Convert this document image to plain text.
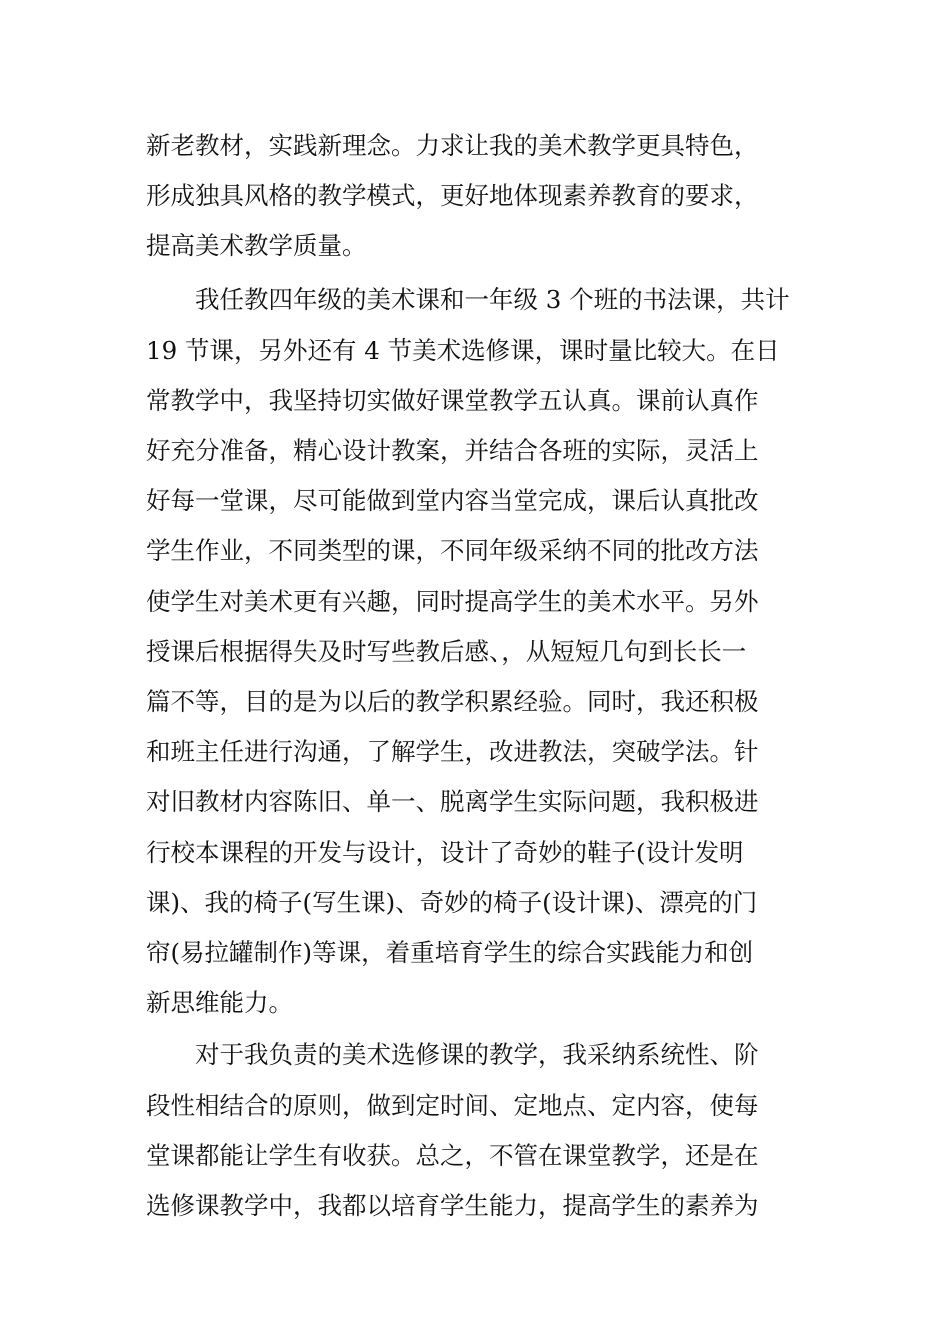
新老教材，实践新理念。力求让我的美术教学更具特色，
形成独具风格的教学模式，更好地体现素养教育的要求，
提高美术教学质量。
我任教四年级的美术课和一年级 3 个班的书法课，共计
19 节课，另外还有 4 节美术选修课，课时量比较大。在日
常教学中，我坚持切实做好课堂教学五认真。课前认真作
好充分准备，精心设计教案，并结合各班的实际，灵活上
好每一堂课，尽可能做到堂内容当堂完成，课后认真批改
学生作业，不同类型的课，不同年级采纳不同的批改方法
使学生对美术更有兴趣，同时提高学生的美术水平。另外
授课后根据得失及时写些教后感、，从短短几句到长长一
篇不等，目的是为以后的教学积累经验。同时，我还积极
和班主任进行沟通，了解学生，改进教法，突破学法。针
对旧教材内容陈旧、单一、脱离学生实际问题，我积极进
行校本课程的开发与设计，设计了奇妙的鞋子(设计发明
课)、我的椅子(写生课)、奇妙的椅子(设计课)、漂亮的门
帘(易拉罐制作)等课，着重培育学生的综合实践能力和创
新思维能力。
对于我负责的美术选修课的教学，我采纳系统性、阶
段性相结合的原则，做到定时间、定地点、定内容，使每
堂课都能让学生有收获。总之，不管在课堂教学，还是在
选修课教学中，我都以培育学生能力，提高学生的素养为
